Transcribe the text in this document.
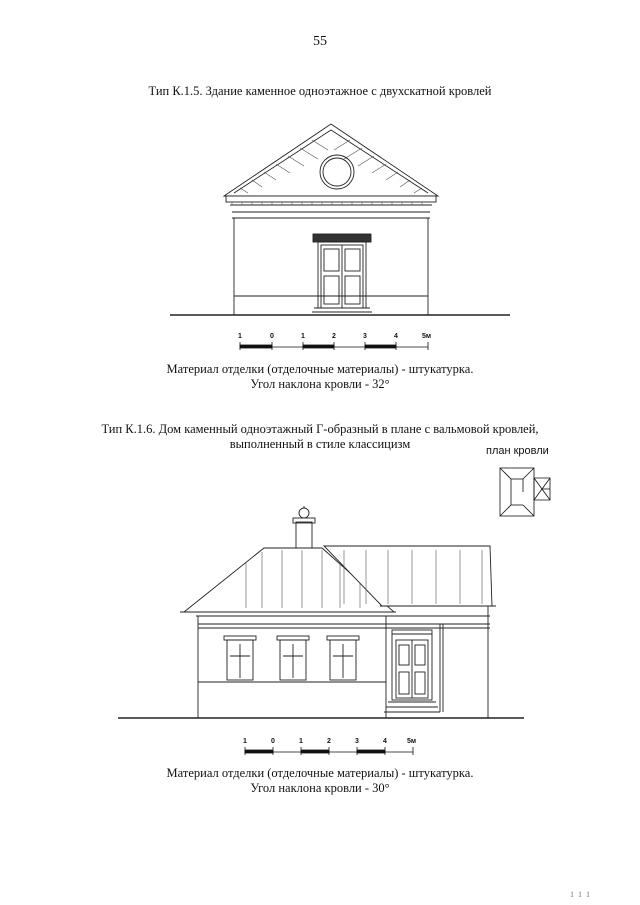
55
Тип К.1.5. Здание каменное одноэтажное с двухскатной кровлей
1	0	1	2	3	4	5м
Материал отделки (отделочные материалы) - штукатурка.
Угол наклона кровли - 32°
Тип К.1.6. Дом каменный одноэтажный Г-образный в плане с вальмовой кровлей,
выполненный в стиле классицизм	план кровли
1	0	1	2	3	4	5м
Материал отделки (отделочные материалы) - штукатурка.
Угол наклона кровли - 30°
1 1 1
